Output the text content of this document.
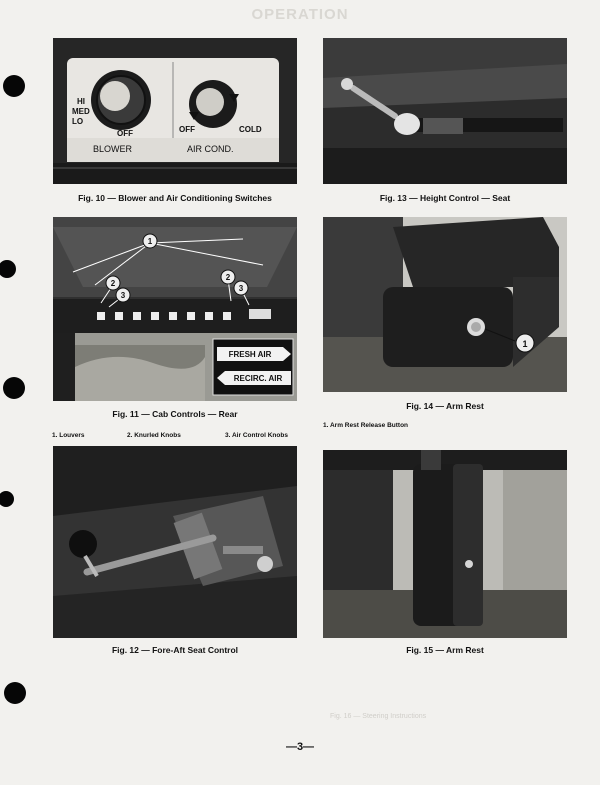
OPERATION
HI
MED
LO
OFF
BLOWER
OFF	COLD
AIR COND.
Fig. 10 — Blower and Air Conditioning Switches	Fig. 13 — Height Control — Seat
1
2
3
2
3
FRESH AIR
RECIRC. AIR
Fig. 11 — Cab Controls — Rear
1. Louvers	2. Knurled Knobs	3. Air Control Knobs
1
Fig. 14 — Arm Rest
1. Arm Rest Release Button
Fig. 12 — Fore-Aft Seat Control	Fig. 15 — Arm Rest
Fig. 16 — Steering Instructions
—3—
